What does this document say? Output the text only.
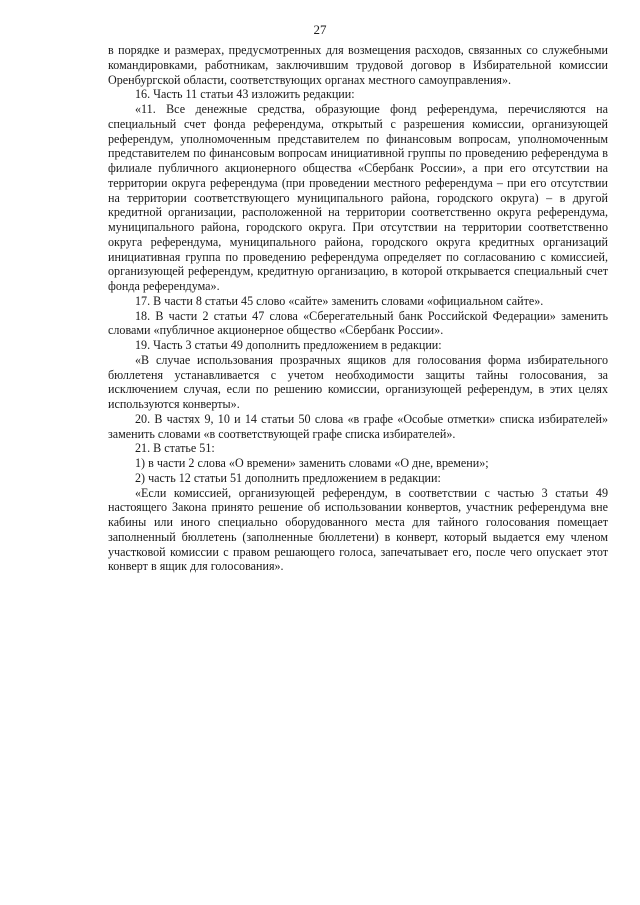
27

в порядке и размерах, предусмотренных для возмещения расходов, связанных со служебными командировками, работникам, заключившим трудовой договор в Избирательной комиссии Оренбургской области, соответствующих органах местного самоуправления».

16. Часть 11 статьи 43 изложить редакции:

«11. Все денежные средства, образующие фонд референдума, перечисляются на специальный счет фонда референдума, открытый с разрешения комиссии, организующей референдум, уполномоченным представителем по финансовым вопросам, уполномоченным представителем по финансовым вопросам инициативной группы по проведению референдума в филиале публичного акционерного общества «Сбербанк России», а при его отсутствии на территории округа референдума (при проведении местного референдума – при его отсутствии на территории соответствующего муниципального района, городского округа) – в другой кредитной организации, расположенной на территории соответственно округа референдума, муниципального района, городского округа. При отсутствии на территории соответственно округа референдума, муниципального района, городского округа кредитных организаций инициативная группа по проведению референдума определяет по согласованию с комиссией, организующей референдум, кредитную организацию, в которой открывается специальный счет фонда референдума».

17. В части 8 статьи 45 слово «сайте» заменить словами «официальном сайте».

18. В части 2 статьи 47 слова «Сберегательный банк Российской Федерации» заменить словами «публичное акционерное общество «Сбербанк России».

19. Часть 3 статьи 49 дополнить предложением в редакции:

«В случае использования прозрачных ящиков для голосования форма избирательного бюллетеня устанавливается с учетом необходимости защиты тайны голосования, за исключением случая, если по решению комиссии, организующей референдум, в этих целях используются конверты».

20. В частях 9, 10 и 14 статьи 50 слова «в графе «Особые отметки» списка избирателей» заменить словами «в соответствующей графе списка избирателей».

21. В статье 51:

1) в части 2 слова «О времени» заменить словами «О дне, времени»;

2) часть 12 статьи 51 дополнить предложением в редакции:

«Если комиссией, организующей референдум, в соответствии с частью 3 статьи 49 настоящего Закона принято решение об использовании конвертов, участник референдума вне кабины или иного специально оборудованного места для тайного голосования помещает заполненный бюллетень (заполненные бюллетени) в конверт, который выдается ему членом участковой комиссии с правом решающего голоса, запечатывает его, после чего опускает этот конверт в ящик для голосования».
